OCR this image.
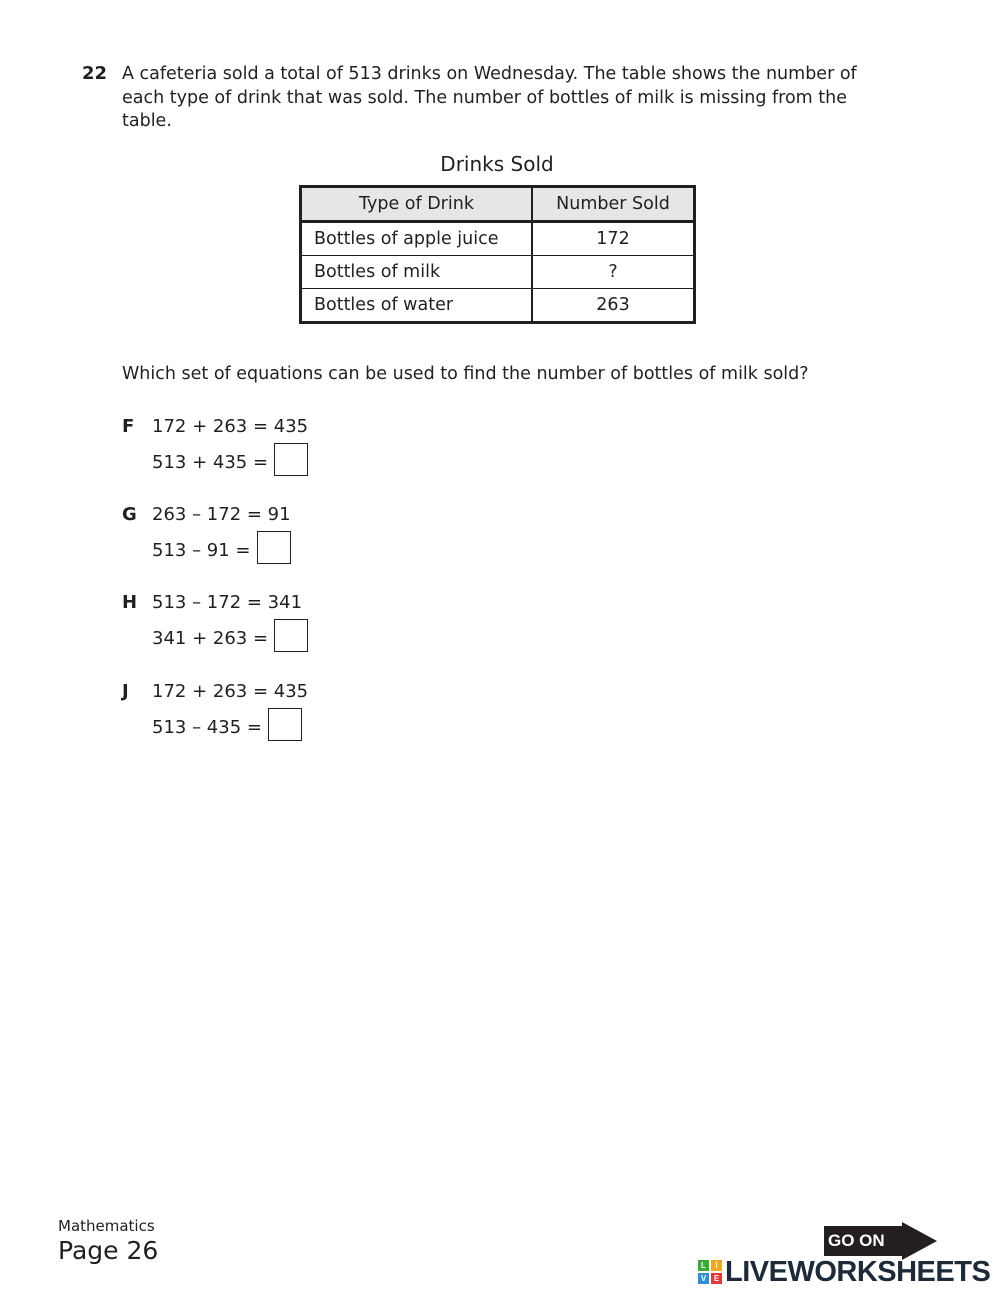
22 A cafeteria sold a total of 513 drinks on Wednesday. The table shows the number of each type of drink that was sold. The number of bottles of milk is missing from the table.
Drinks Sold
Type of Drink	Number Sold
Bottles of apple juice	172
Bottles of milk	?
Bottles of water	263
Which set of equations can be used to find the number of bottles of milk sold?
F 172 + 263 = 435
513 + 435 =
G 263 – 172 = 91
513 – 91 =
H 513 – 172 = 341
341 + 263 =
J 172 + 263 = 435
513 – 435 =
Mathematics
Page 26	GO ON
L	I
V E LIVEWORKSHEETS
